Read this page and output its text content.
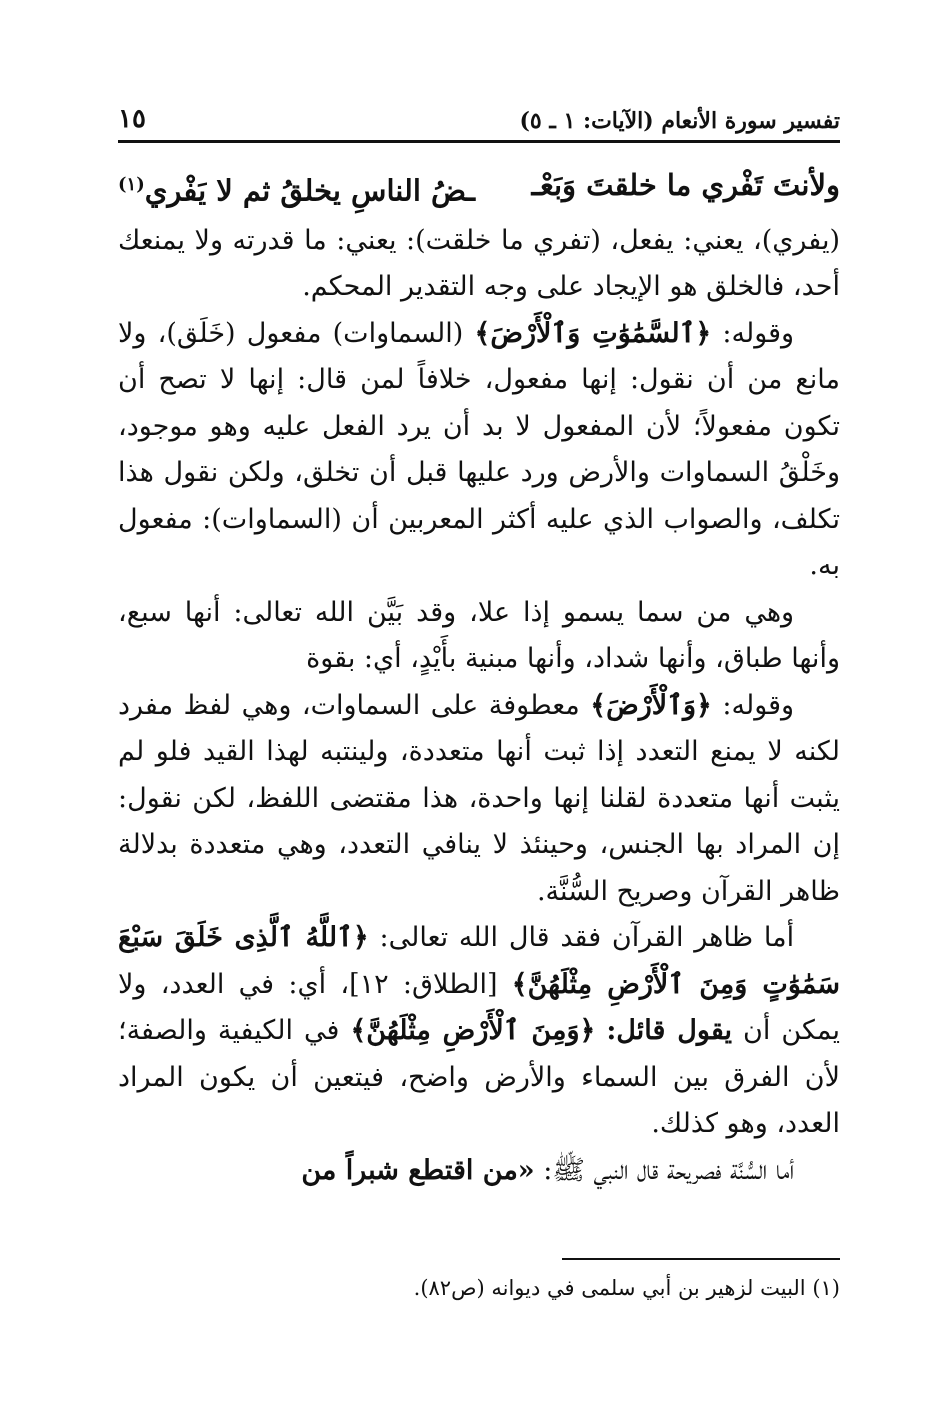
تفسير سورة الأنعام (الآيات: ١ ـ ٥)
١٥
ولأنتَ تَفْري ما خلقتَ وَبَعْـ
ـضُ الناسِ يخلقُ ثم لا يَفْري$^{(١)}$

(يفري)، يعني: يفعل، (تفري ما خلقت): يعني: ما قدرته ولا يمنعك أحد، فالخلق هو الإيجاد على وجه التقدير المحكم.

وقوله: ﴿ٱلسَّمَٰوَٰتِ وَٱلْأَرْضَ﴾ (السماوات) مفعول (خَلَق)، ولا مانع من أن نقول: إنها مفعول، خلافاً لمن قال: إنها لا تصح أن تكون مفعولاً؛ لأن المفعول لا بد أن يرد الفعل عليه وهو موجود، وخَلْقُ السماوات والأرض ورد عليها قبل أن تخلق، ولكن نقول هذا تكلف، والصواب الذي عليه أكثر المعربين أن (السماوات): مفعول به.

وهي من سما يسمو إذا علا، وقد بَيَّن الله تعالى: أنها سبع، وأنها طباق، وأنها شداد، وأنها مبنية بأَيْدٍ، أي: بقوة

وقوله: ﴿وَٱلْأَرْضَ﴾ معطوفة على السماوات، وهي لفظ مفرد لكنه لا يمنع التعدد إذا ثبت أنها متعددة، ولينتبه لهذا القيد فلو لم يثبت أنها متعددة لقلنا إنها واحدة، هذا مقتضى اللفظ، لكن نقول: إن المراد بها الجنس، وحينئذ لا ينافي التعدد، وهي متعددة بدلالة ظاهر القرآن وصريح السُّنَّة.

أما ظاهر القرآن فقد قال الله تعالى: ﴿ٱللَّهُ ٱلَّذِى خَلَقَ سَبْعَ سَمَٰوَٰتٍ وَمِنَ ٱلْأَرْضِ مِثْلَهُنَّ﴾ [الطلاق: ١٢]، أي: في العدد، ولا يمكن أن يقول قائل: ﴿وَمِنَ ٱلْأَرْضِ مِثْلَهُنَّ﴾ في الكيفية والصفة؛ لأن الفرق بين السماء والأرض واضح، فيتعين أن يكون المراد العدد، وهو كذلك.

أما السُّنَّة فصريحة قال النبي ﷺ: «من اقتطع شبراً من

(١) البيت لزهير بن أبي سلمى في ديوانه (ص٨٢).
